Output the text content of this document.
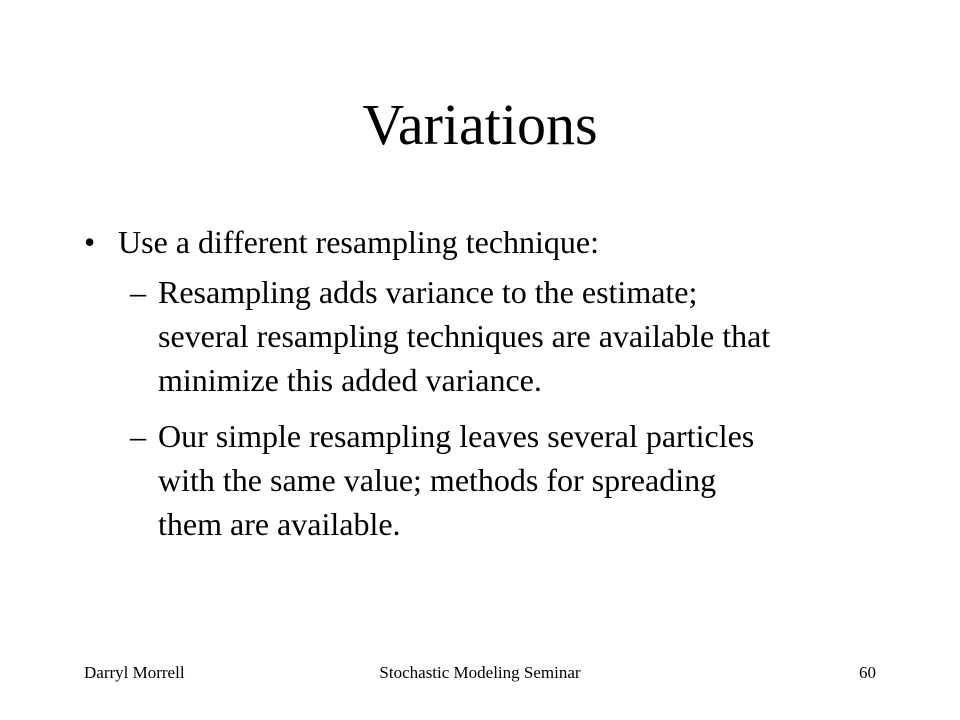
Variations
• Use a different resampling technique:
– Resampling adds variance to the estimate;
several resampling techniques are available that
minimize this added variance.
– Our simple resampling leaves several particles
with the same value; methods for spreading
them are available.
Darryl Morrell	Stochastic Modeling Seminar	60
